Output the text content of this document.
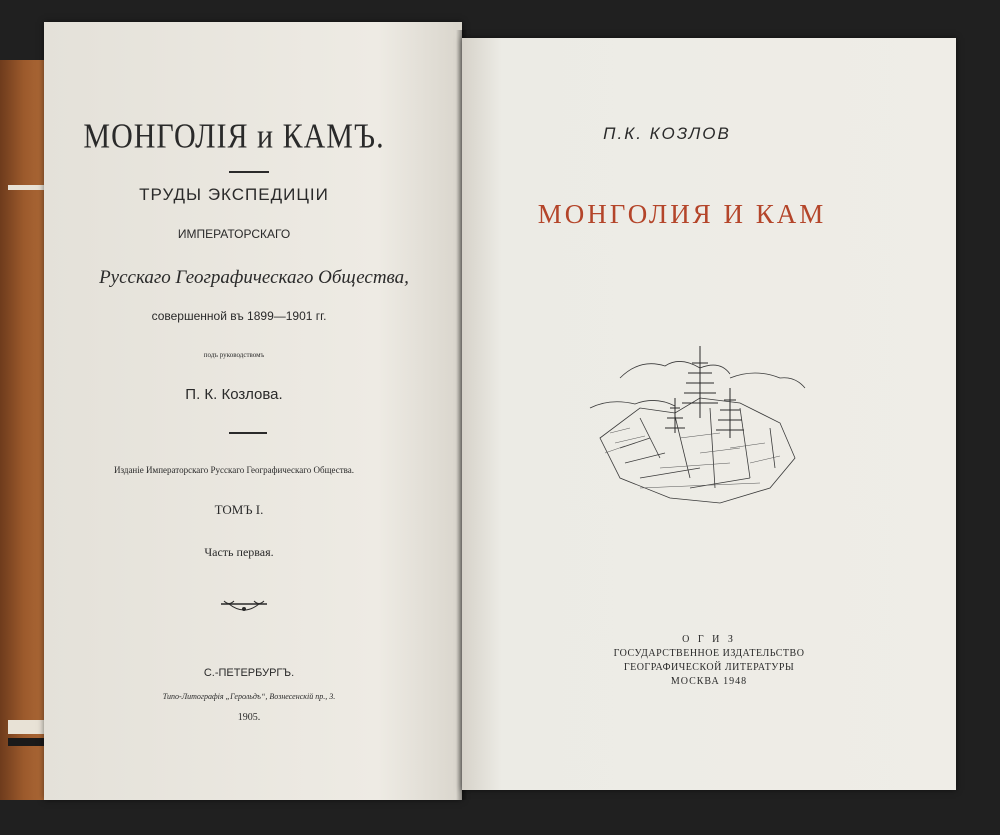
МОНГОЛІЯ и КАМЪ.
ТРУДЫ ЭКСПЕДИЦІИ
ИМПЕРАТОРСКАГО
Русскаго Географическаго Общества,
совершенной въ 1899—1901 гг.
подъ руководствомъ
П. К. Козлова.
Изданіе Императорскаго Русскаго Географическаго Общества.
ТОМЪ I.
Часть первая.
С.-ПЕТЕРБУРГЪ.
Типо-Литографія „Герольдъ“, Вознесенскій пр., 3.
1905.
П.К. КОЗЛОВ
МОНГОЛИЯ И КАМ
О Г И З
ГОСУДАРСТВЕННОЕ ИЗДАТЕЛЬСТВО
ГЕОГРАФИЧЕСКОЙ ЛИТЕРАТУРЫ
МОСКВА 1948
